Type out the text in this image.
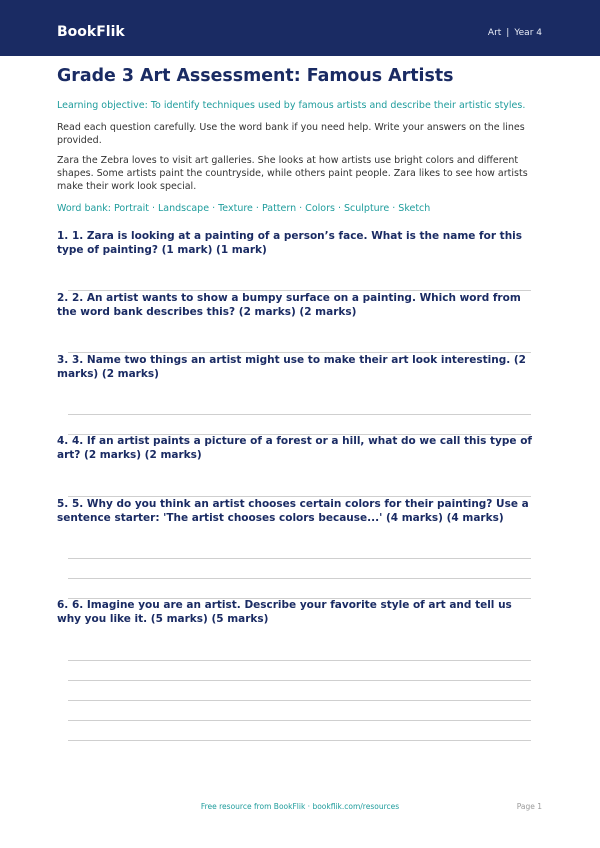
BookFlik	Art | Year 4
Grade 3 Art Assessment: Famous Artists
Learning objective: To identify techniques used by famous artists and describe their artistic styles.
Read each question carefully. Use the word bank if you need help. Write your answers on the lines provided.
Zara the Zebra loves to visit art galleries. She looks at how artists use bright colors and different shapes. Some artists paint the countryside, while others paint people. Zara likes to see how artists make their work look special.
Word bank: Portrait · Landscape · Texture · Pattern · Colors · Sculpture · Sketch
1. 1. Zara is looking at a painting of a person’s face. What is the name for this type of painting? (1 mark) (1 mark)
2. 2. An artist wants to show a bumpy surface on a painting. Which word from the word bank describes this? (2 marks) (2 marks)
3. 3. Name two things an artist might use to make their art look interesting. (2 marks) (2 marks)
4. 4. If an artist paints a picture of a forest or a hill, what do we call this type of art? (2 marks) (2 marks)
5. 5. Why do you think an artist chooses certain colors for their painting? Use a sentence starter: 'The artist chooses colors because...' (4 marks) (4 marks)
6. 6. Imagine you are an artist. Describe your favorite style of art and tell us why you like it. (5 marks) (5 marks)
Free resource from BookFlik · bookflik.com/resources	Page 1
